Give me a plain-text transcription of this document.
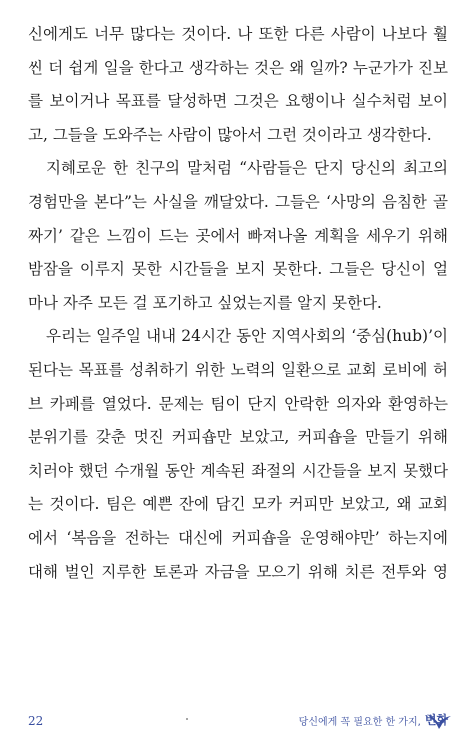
신에게도 너무 많다는 것이다. 나 또한 다른 사람이 나보다 훨
씬 더 쉽게 일을 한다고 생각하는 것은 왜 일까? 누군가가 진보
를 보이거나 목표를 달성하면 그것은 요행이나 실수처럼 보이
고, 그들을 도와주는 사람이 많아서 그런 것이라고 생각한다.
지혜로운 한 친구의 말처럼 “사람들은 단지 당신의 최고의
경험만을 본다”는 사실을 깨달았다. 그들은 ‘사망의 음침한 골
짜기’ 같은 느낌이 드는 곳에서 빠져나올 계획을 세우기 위해
밤잠을 이루지 못한 시간들을 보지 못한다. 그들은 당신이 얼
마나 자주 모든 걸 포기하고 싶었는지를 알지 못한다.
우리는 일주일 내내 24시간 동안 지역사회의 ‘중심(hub)’이
된다는 목표를 성취하기 위한 노력의 일환으로 교회 로비에 허
브 카페를 열었다. 문제는 팀이 단지 안락한 의자와 환영하는
분위기를 갖춘 멋진 커피숍만 보았고, 커피숍을 만들기 위해
치러야 했던 수개월 동안 계속된 좌절의 시간들을 보지 못했다
는 것이다. 팀은 예쁜 잔에 담긴 모카 커피만 보았고, 왜 교회
에서 ‘복음을 전하는 대신에 커피숍을 운영해야만’ 하는지에
대해 벌인 지루한 토론과 자금을 모으기 위해 치른 전투와 영
22	당신에게 꼭 필요한 한 가지, 변화
